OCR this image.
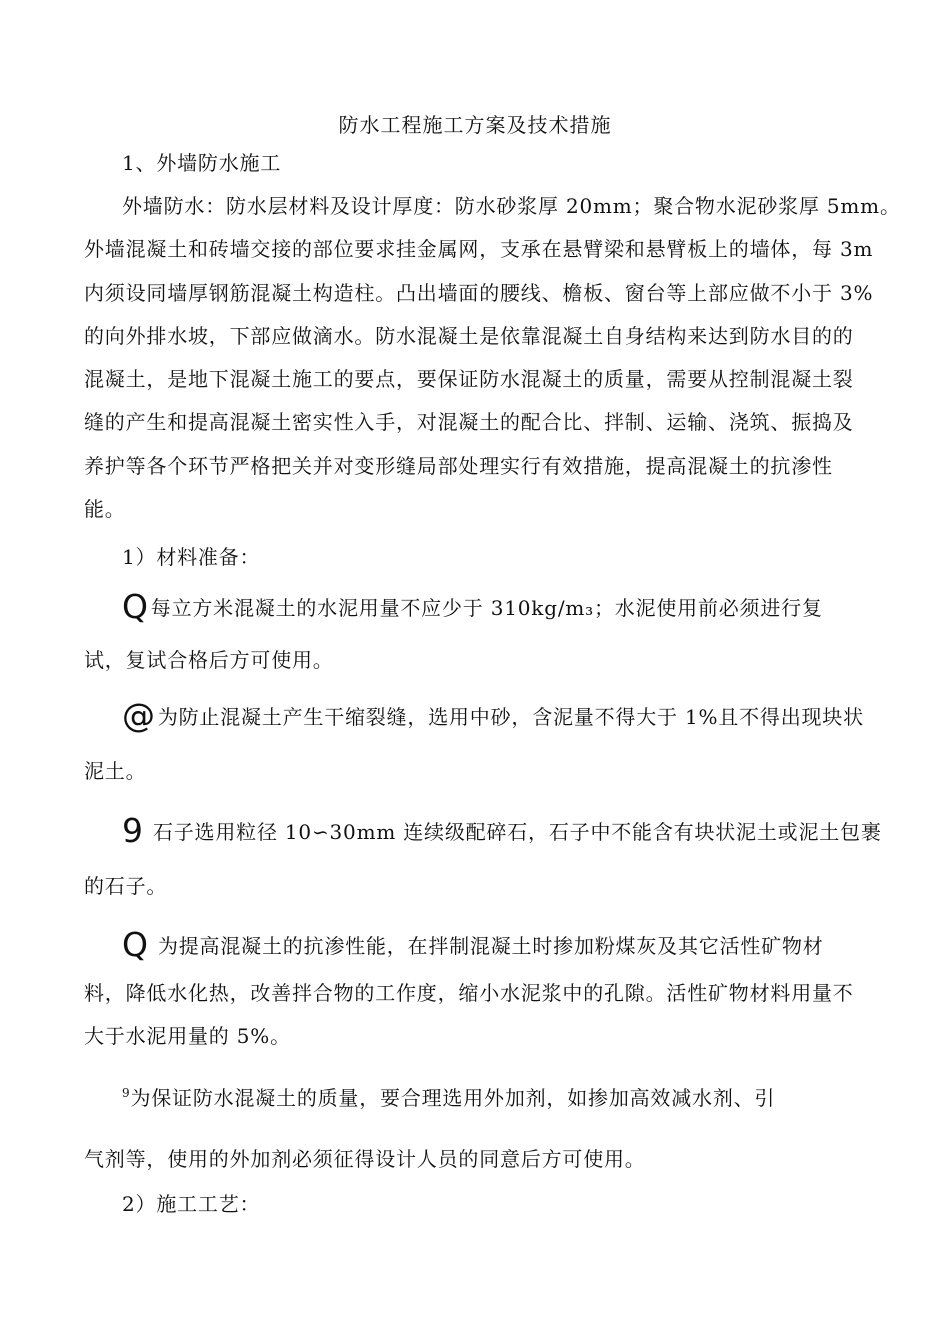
防水工程施工方案及技术措施
1、外墙防水施工
外墙防水：防水层材料及设计厚度：防水砂浆厚 20mm；聚合物水泥砂浆厚 5mm。
外墙混凝土和砖墙交接的部位要求挂金属网，支承在悬臂梁和悬臂板上的墙体，每 3m
内须设同墙厚钢筋混凝土构造柱。凸出墙面的腰线、檐板、窗台等上部应做不小于 3%
的向外排水坡，下部应做滴水。防水混凝土是依靠混凝土自身结构来达到防水目的的
混凝土，是地下混凝土施工的要点，要保证防水混凝土的质量，需要从控制混凝土裂
缝的产生和提高混凝土密实性入手，对混凝土的配合比、拌制、运输、浇筑、振捣及
养护等各个环节严格把关并对变形缝局部处理实行有效措施，提高混凝土的抗渗性
能。
1）材料准备：
Q每立方米混凝土的水泥用量不应少于 310kg/m₃；水泥使用前必须进行复
试，复试合格后方可使用。
@ 为防止混凝土产生干缩裂缝，选用中砂，含泥量不得大于 1%且不得出现块状
泥土。
9 石子选用粒径 10∽30mm 连续级配碎石，石子中不能含有块状泥土或泥土包裹
的石子。
Q 为提高混凝土的抗渗性能，在拌制混凝土时掺加粉煤灰及其它活性矿物材
料，降低水化热，改善拌合物的工作度，缩小水泥浆中的孔隙。活性矿物材料用量不
大于水泥用量的 5%。
$^9$为保证防水混凝土的质量，要合理选用外加剂，如掺加高效减水剂、引
气剂等，使用的外加剂必须征得设计人员的同意后方可使用。
2）施工工艺：
